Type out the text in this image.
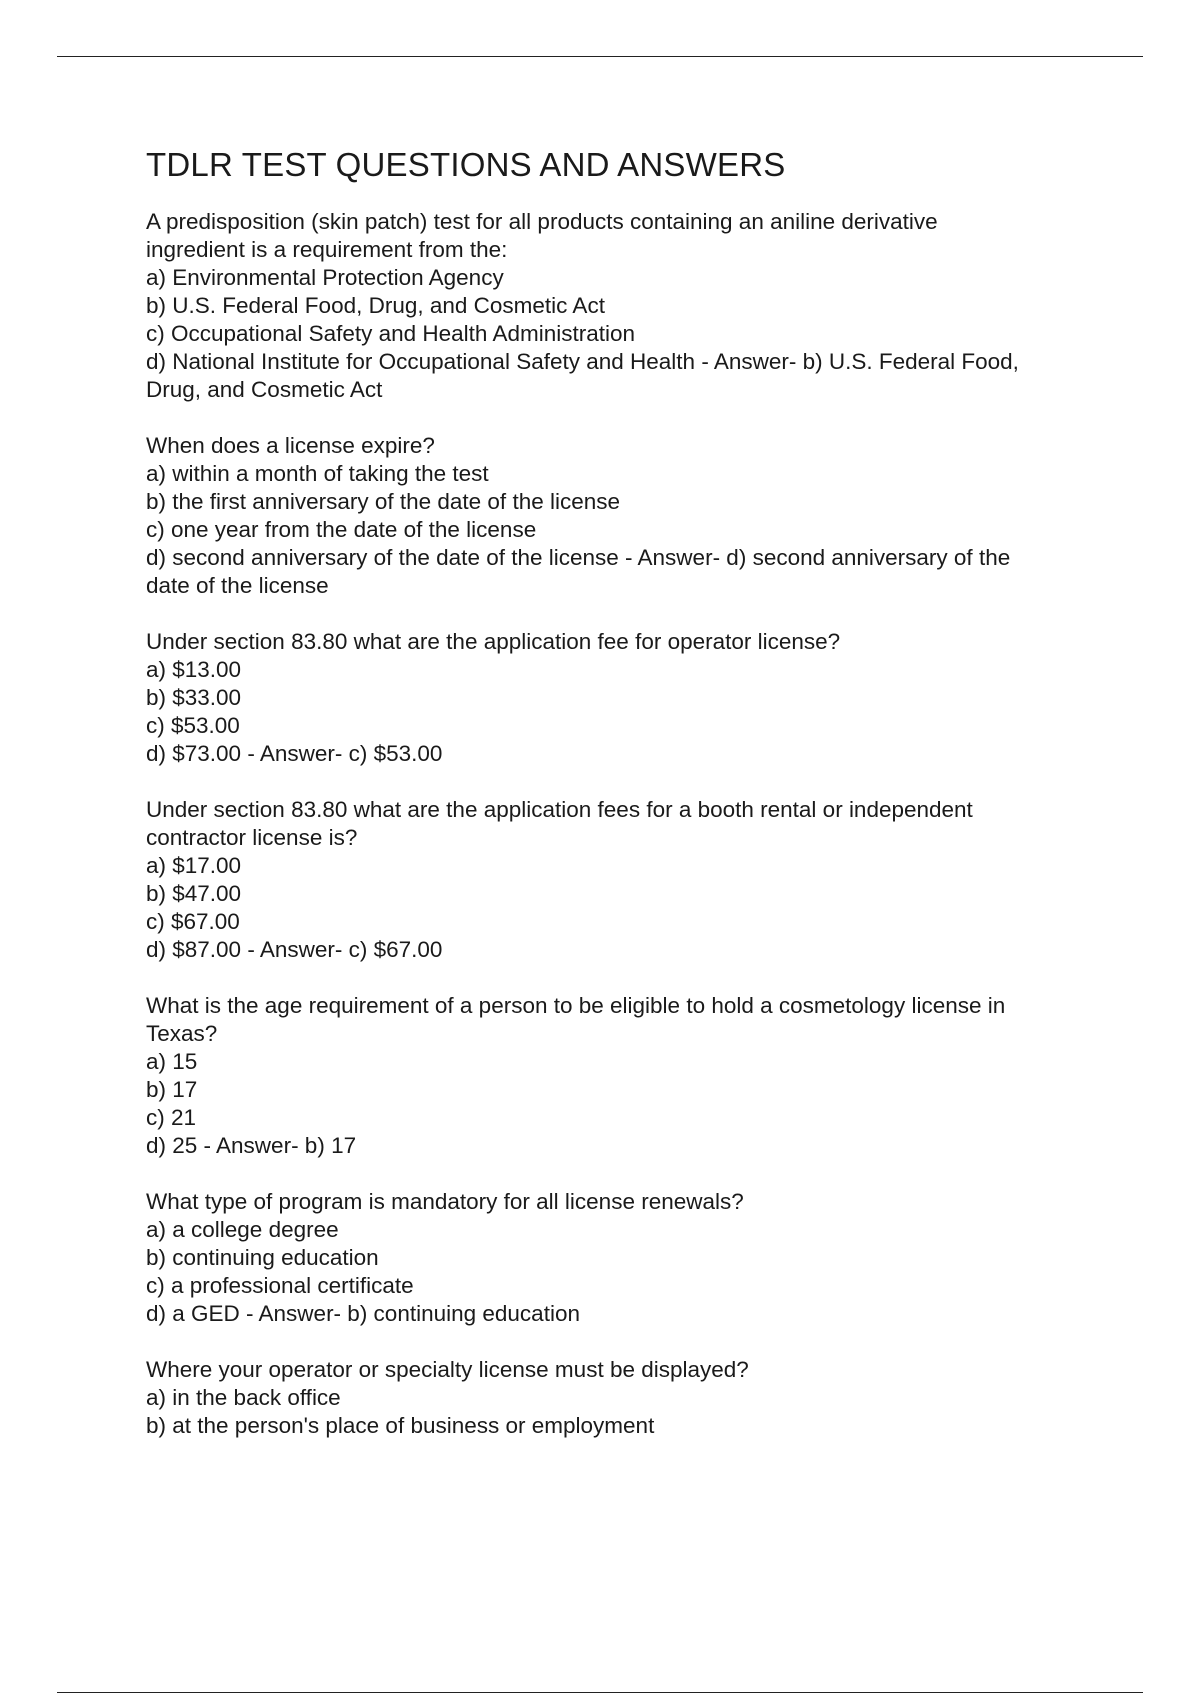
TDLR TEST QUESTIONS AND ANSWERS

A predisposition (skin patch) test for all products containing an aniline derivative

ingredient is a requirement from the:

a) Environmental Protection Agency

b) U.S. Federal Food, Drug, and Cosmetic Act

c) Occupational Safety and Health Administration

d) National Institute for Occupational Safety and Health - Answer- b) U.S. Federal Food,

Drug, and Cosmetic Act

When does a license expire?

a) within a month of taking the test

b) the first anniversary of the date of the license

c) one year from the date of the license

d) second anniversary of the date of the license - Answer- d) second anniversary of the

date of the license

Under section 83.80 what are the application fee for operator license?

a) $13.00

b) $33.00

c) $53.00

d) $73.00 - Answer- c) $53.00

Under section 83.80 what are the application fees for a booth rental or independent

contractor license is?

a) $17.00

b) $47.00

c) $67.00

d) $87.00 - Answer- c) $67.00

What is the age requirement of a person to be eligible to hold a cosmetology license in

Texas?

a) 15

b) 17

c) 21

d) 25 - Answer- b) 17

What type of program is mandatory for all license renewals?

a) a college degree

b) continuing education

c) a professional certificate

d) a GED - Answer- b) continuing education

Where your operator or specialty license must be displayed?

a) in the back office

b) at the person's place of business or employment
